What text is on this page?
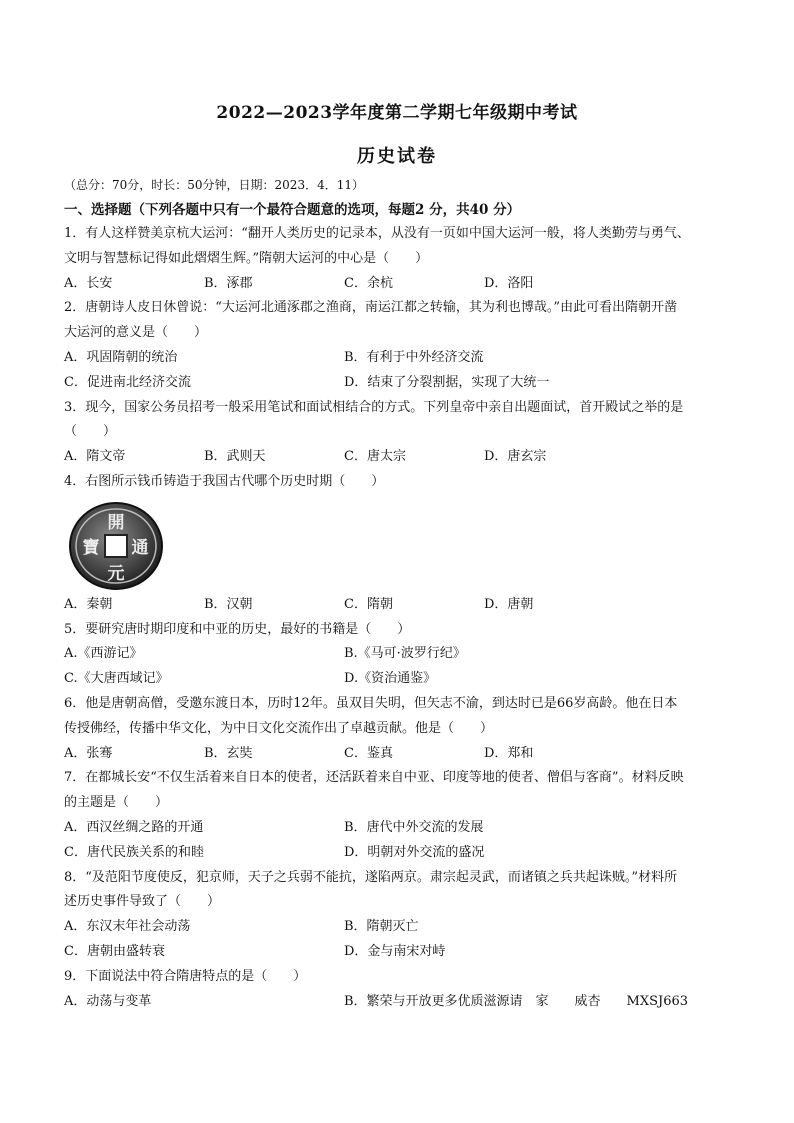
2022—2023学年度第二学期七年级期中考试
历史试卷
（总分：70分，时长：50分钟，日期：2023．4．11）
一、选择题（下列各题中只有一个最符合题意的选项，每题2 分，共40 分）
1．有人这样赞美京杭大运河：“翻开人类历史的记录本，从没有一页如中国大运河一般，将人类勤劳与勇气、
文明与智慧标记得如此熠熠生辉。”隋朝大运河的中心是（　　）
A．长安	B．涿郡	C．余杭	D．洛阳
2．唐朝诗人皮日休曾说：“大运河北通涿郡之渔商，南运江都之转输，其为利也博哉。”由此可看出隋朝开凿
大运河的意义是（　　）
A．巩固隋朝的统治	B．有利于中外经济交流
C．促进南北经济交流	D．结束了分裂割据，实现了大统一
3．现今，国家公务员招考一般采用笔试和面试相结合的方式。下列皇帝中亲自出题面试，首开殿试之举的是
（　　）
A．隋文帝	B．武则天	C．唐太宗	D．唐玄宗
4．右图所示钱币铸造于我国古代哪个历史时期（　　）
開
元
通
寶
A．秦朝	B．汉朝	C．隋朝	D．唐朝
5．要研究唐时期印度和中亚的历史，最好的书籍是（　　）
A.《西游记》	B.《马可·波罗行纪》
C.《大唐西域记》	D.《资治通鉴》
6．他是唐朝高僧，受邀东渡日本，历时12年。虽双目失明，但矢志不渝，到达时已是66岁高龄。他在日本
传授佛经，传播中华文化，为中日文化交流作出了卓越贡献。他是（　　）
A．张骞	B．玄奘	C．鉴真	D．郑和
7．在都城长安“不仅生活着来自日本的使者，还活跃着来自中亚、印度等地的使者、僧侣与客商”。材料反映
的主题是（　　）
A．西汉丝绸之路的开通	B．唐代中外交流的发展
C．唐代民族关系的和睦	D．明朝对外交流的盛况
8．“及范阳节度使反，犯京师，天子之兵弱不能抗，遂陷两京。肃宗起灵武，而诸镇之兵共起诛贼。”材料所
述历史事件导致了（　　）
A．东汉末年社会动荡	B．隋朝灭亡
C．唐朝由盛转衰	D．金与南宋对峙
9．下面说法中符合隋唐特点的是（　　）
A．动荡与变革	B．繁荣与开放更多优质滋源请　家　　威杏　　MXSJ663
